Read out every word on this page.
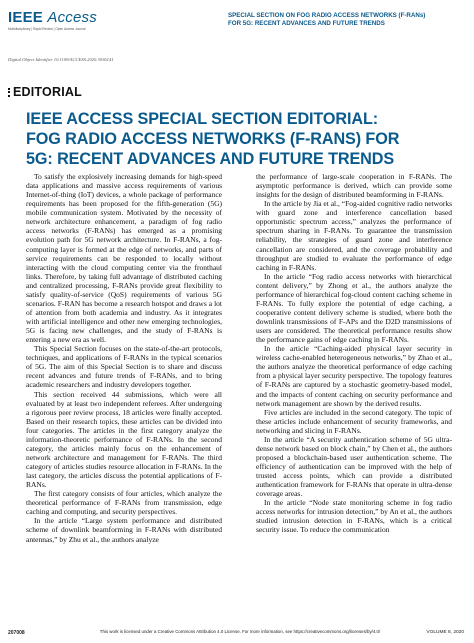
IEEE Access
Multidisciplinary | Rapid Review | Open Access Journal
SPECIAL SECTION ON FOG RADIO ACCESS NETWORKS (F-RANs)
FOR 5G: RECENT ADVANCES AND FUTURE TRENDS
Digital Object Identifier 10.1109/ACCESS.2020.3036141
EDITORIAL
IEEE ACCESS SPECIAL SECTION EDITORIAL:
FOG RADIO ACCESS NETWORKS (F-RANS) FOR
5G: RECENT ADVANCES AND FUTURE TRENDS

To satisfy the explosively increasing demands for high-speed data applications and massive access requirements of various Internet-of-thing (IoT) devices, a whole package of performance requirements has been proposed for the fifth-generation (5G) mobile communication system. Motivated by the necessity of network architecture enhancement, a paradigm of fog radio access networks (F-RANs) has emerged as a promising evolution path for 5G network architecture. In F-RANs, a fog-computing layer is formed at the edge of networks, and parts of service requirements can be responded to locally without interacting with the cloud computing center via the fronthaul links. Therefore, by taking full advantage of distributed caching and centralized processing, F-RANs provide great flexibility to satisfy quality-of-service (QoS) requirements of various 5G scenarios. F-RAN has become a research hotspot and draws a lot of attention from both academia and industry. As it integrates with artificial intelligence and other new emerging technologies, 5G is facing new challenges, and the study of F-RANs is entering a new era as well.

This Special Section focuses on the state-of-the-art protocols, techniques, and applications of F-RANs in the typical scenarios of 5G. The aim of this Special Section is to share and discuss recent advances and future trends of F-RANs, and to bring academic researchers and industry developers together.

This section received 44 submissions, which were all evaluated by at least two independent referees. After undergoing a rigorous peer review process, 18 articles were finally accepted. Based on their research topics, these articles can be divided into four categories. The articles in the first category analyze the information-theoretic performance of F-RANs. In the second category, the articles mainly focus on the enhancement of network architecture and management for F-RANs. The third category of articles studies resource allocation in F-RANs. In the last category, the articles discuss the potential applications of F-RANs.

The first category consists of four articles, which analyze the theoretical performance of F-RANs from transmission, edge caching and computing, and security perspectives.

In the article “Large system performance and distributed scheme of downlink beamforming in F-RANs with distributed antennas,” by Zhu et al., the authors analyze

the performance of large-scale cooperation in F-RANs. The asymptotic performance is derived, which can provide some insights for the design of distributed beamforming in F-RANs.

In the article by Jia et al., “Fog-aided cognitive radio networks with guard zone and interference cancellation based opportunistic spectrum access,” analyzes the performance of spectrum sharing in F-RANs. To guarantee the transmission reliability, the strategies of guard zone and interference cancellation are considered, and the coverage probability and throughput are studied to evaluate the performance of edge caching in F-RANs.

In the article “Fog radio access networks with hierarchical content delivery,” by Zhong et al., the authors analyze the performance of hierarchical fog-cloud content caching scheme in F-RANs. To fully explore the potential of edge caching, a cooperative content delivery scheme is studied, where both the downlink transmissions of F-APs and the D2D transmissions of users are considered. The theoretical performance results show the performance gains of edge caching in F-RANs.

In the article “Caching-aided physical layer security in wireless cache-enabled heterogeneous networks,” by Zhao et al., the authors analyze the theoretical performance of edge caching from a physical layer security perspective. The topology features of F-RANs are captured by a stochastic geometry-based model, and the impacts of content caching on security performance and network management are shown by the derived results.

Five articles are included in the second category. The topic of these articles include enhancement of security frameworks, and networking and slicing in F-RANs.

In the article “A security authentication scheme of 5G ultra-dense network based on block chain,” by Chen et al., the authors proposed a blockchain-based user authentication scheme. The efficiency of authentication can be improved with the help of trusted access points, which can provide a distributed authentication framework for F-RANs that operate in ultra-dense coverage areas.

In the article “Node state monitoring scheme in fog radio access networks for intrusion detection,” by An et al., the authors studied intrusion detection in F-RANs, which is a critical security issue. To reduce the communication

207008	This work is licensed under a Creative Commons Attribution 4.0 License. For more information, see https://creativecommons.org/licenses/by/4.0/	VOLUME 8, 2020
